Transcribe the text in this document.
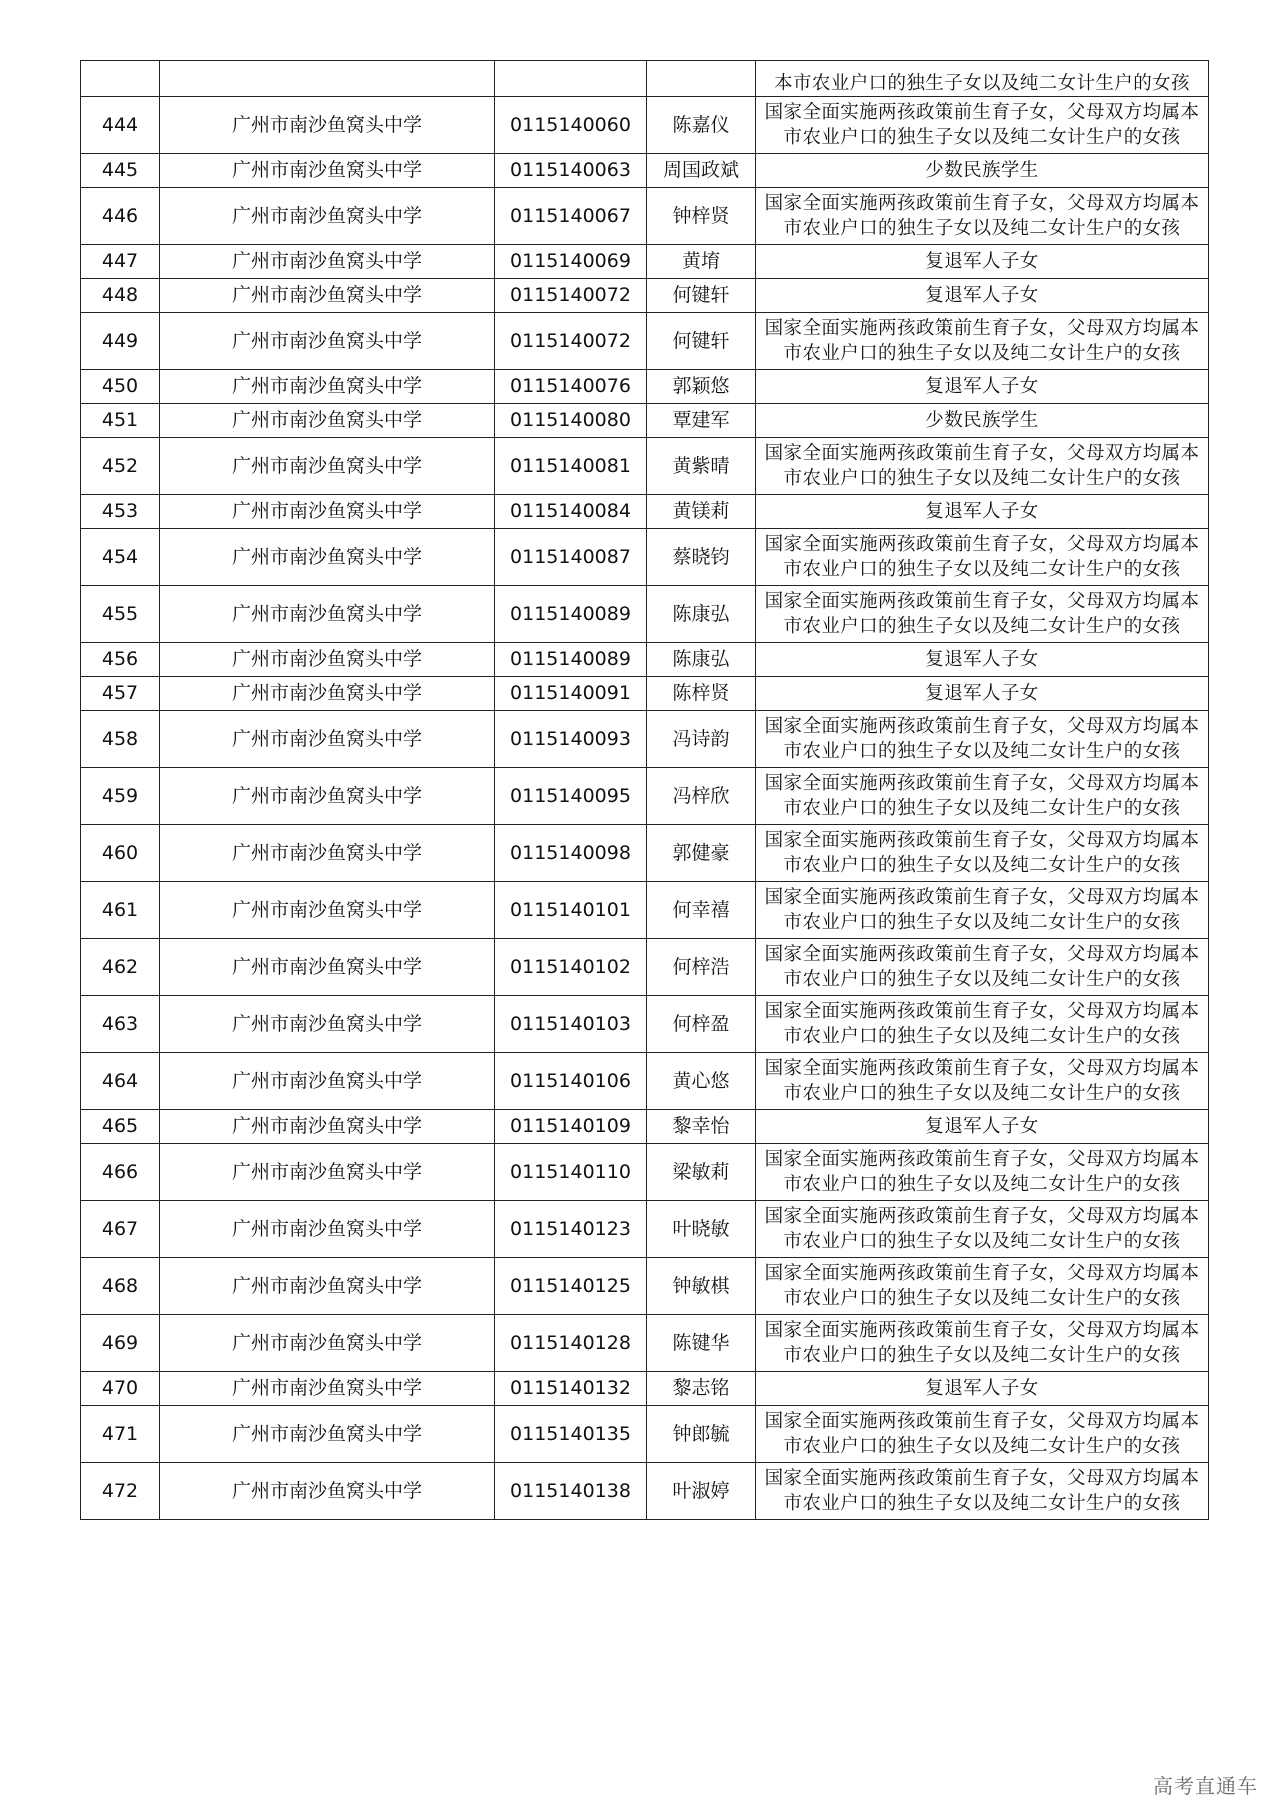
				本市农业户口的独生子女以及纯二女计生户的女孩
444	广州市南沙鱼窝头中学	0115140060	陈嘉仪	国家全面实施两孩政策前生育子女，父母双方均属本市农业户口的独生子女以及纯二女计生户的女孩
445	广州市南沙鱼窝头中学	0115140063	周国政斌	少数民族学生
446	广州市南沙鱼窝头中学	0115140067	钟梓贤	国家全面实施两孩政策前生育子女，父母双方均属本市农业户口的独生子女以及纯二女计生户的女孩
447	广州市南沙鱼窝头中学	0115140069	黄堉	复退军人子女
448	广州市南沙鱼窝头中学	0115140072	何键轩	复退军人子女
449	广州市南沙鱼窝头中学	0115140072	何键轩	国家全面实施两孩政策前生育子女，父母双方均属本市农业户口的独生子女以及纯二女计生户的女孩
450	广州市南沙鱼窝头中学	0115140076	郭颖悠	复退军人子女
451	广州市南沙鱼窝头中学	0115140080	覃建军	少数民族学生
452	广州市南沙鱼窝头中学	0115140081	黄紫晴	国家全面实施两孩政策前生育子女，父母双方均属本市农业户口的独生子女以及纯二女计生户的女孩
453	广州市南沙鱼窝头中学	0115140084	黄镁莉	复退军人子女
454	广州市南沙鱼窝头中学	0115140087	蔡晓钧	国家全面实施两孩政策前生育子女，父母双方均属本市农业户口的独生子女以及纯二女计生户的女孩
455	广州市南沙鱼窝头中学	0115140089	陈康弘	国家全面实施两孩政策前生育子女，父母双方均属本市农业户口的独生子女以及纯二女计生户的女孩
456	广州市南沙鱼窝头中学	0115140089	陈康弘	复退军人子女
457	广州市南沙鱼窝头中学	0115140091	陈梓贤	复退军人子女
458	广州市南沙鱼窝头中学	0115140093	冯诗韵	国家全面实施两孩政策前生育子女，父母双方均属本市农业户口的独生子女以及纯二女计生户的女孩
459	广州市南沙鱼窝头中学	0115140095	冯梓欣	国家全面实施两孩政策前生育子女，父母双方均属本市农业户口的独生子女以及纯二女计生户的女孩
460	广州市南沙鱼窝头中学	0115140098	郭健豪	国家全面实施两孩政策前生育子女，父母双方均属本市农业户口的独生子女以及纯二女计生户的女孩
461	广州市南沙鱼窝头中学	0115140101	何幸禧	国家全面实施两孩政策前生育子女，父母双方均属本市农业户口的独生子女以及纯二女计生户的女孩
462	广州市南沙鱼窝头中学	0115140102	何梓浩	国家全面实施两孩政策前生育子女，父母双方均属本市农业户口的独生子女以及纯二女计生户的女孩
463	广州市南沙鱼窝头中学	0115140103	何梓盈	国家全面实施两孩政策前生育子女，父母双方均属本市农业户口的独生子女以及纯二女计生户的女孩
464	广州市南沙鱼窝头中学	0115140106	黄心悠	国家全面实施两孩政策前生育子女，父母双方均属本市农业户口的独生子女以及纯二女计生户的女孩
465	广州市南沙鱼窝头中学	0115140109	黎幸怡	复退军人子女
466	广州市南沙鱼窝头中学	0115140110	梁敏莉	国家全面实施两孩政策前生育子女，父母双方均属本市农业户口的独生子女以及纯二女计生户的女孩
467	广州市南沙鱼窝头中学	0115140123	叶晓敏	国家全面实施两孩政策前生育子女，父母双方均属本市农业户口的独生子女以及纯二女计生户的女孩
468	广州市南沙鱼窝头中学	0115140125	钟敏棋	国家全面实施两孩政策前生育子女，父母双方均属本市农业户口的独生子女以及纯二女计生户的女孩
469	广州市南沙鱼窝头中学	0115140128	陈键华	国家全面实施两孩政策前生育子女，父母双方均属本市农业户口的独生子女以及纯二女计生户的女孩
470	广州市南沙鱼窝头中学	0115140132	黎志铭	复退军人子女
471	广州市南沙鱼窝头中学	0115140135	钟郎毓	国家全面实施两孩政策前生育子女，父母双方均属本市农业户口的独生子女以及纯二女计生户的女孩
472	广州市南沙鱼窝头中学	0115140138	叶淑婷	国家全面实施两孩政策前生育子女，父母双方均属本市农业户口的独生子女以及纯二女计生户的女孩
高考直通车
